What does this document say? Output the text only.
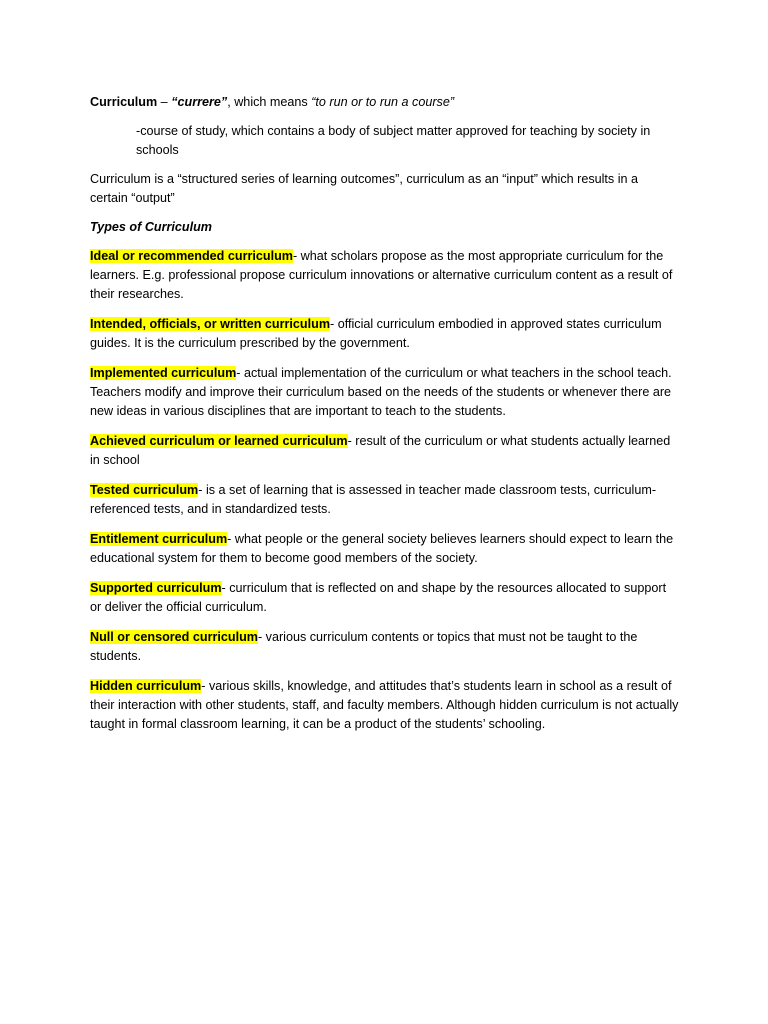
Curriculum – “currere”, which means “to run or to run a course”

-course of study, which contains a body of subject matter approved for teaching by society in schools

Curriculum is a “structured series of learning outcomes”, curriculum as an “input” which results in a certain “output”

Types of Curriculum

Ideal or recommended curriculum- what scholars propose as the most appropriate curriculum for the learners. E.g. professional propose curriculum innovations or alternative curriculum content as a result of their researches.

Intended, officials, or written curriculum- official curriculum embodied in approved states curriculum guides. It is the curriculum prescribed by the government.

Implemented curriculum- actual implementation of the curriculum or what teachers in the school teach. Teachers modify and improve their curriculum based on the needs of the students or whenever there are new ideas in various disciplines that are important to teach to the students.

Achieved curriculum or learned curriculum- result of the curriculum or what students actually learned in school

Tested curriculum- is a set of learning that is assessed in teacher made classroom tests, curriculum-referenced tests, and in standardized tests.

Entitlement curriculum- what people or the general society believes learners should expect to learn the educational system for them to become good members of the society.

Supported curriculum- curriculum that is reflected on and shape by the resources allocated to support or deliver the official curriculum.

Null or censored curriculum- various curriculum contents or topics that must not be taught to the students.

Hidden curriculum- various skills, knowledge, and attitudes that’s students learn in school as a result of their interaction with other students, staff, and faculty members. Although hidden curriculum is not actually taught in formal classroom learning, it can be a product of the students’ schooling.
